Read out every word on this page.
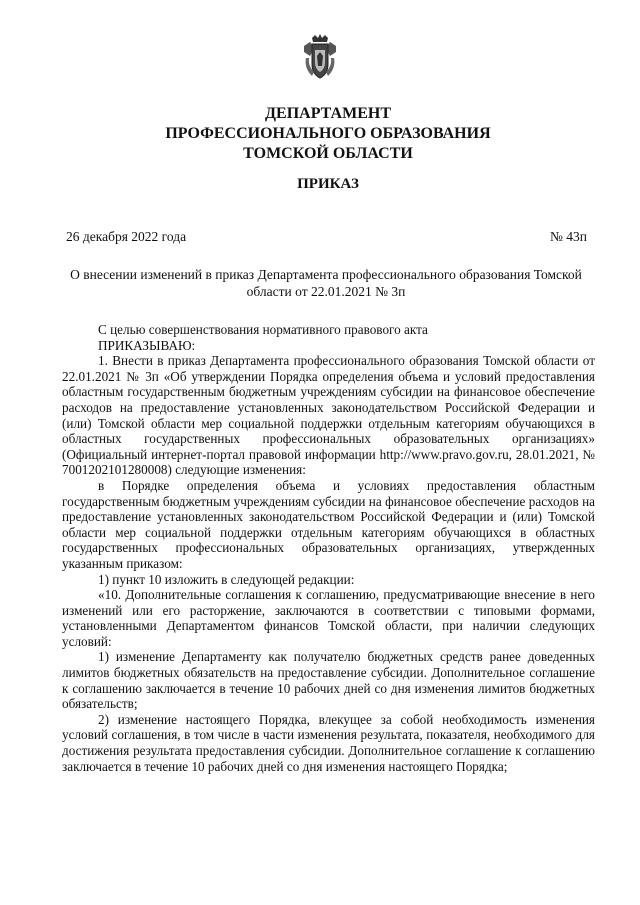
ДЕПАРТАМЕНТ
ПРОФЕССИОНАЛЬНОГО ОБРАЗОВАНИЯ
ТОМСКОЙ ОБЛАСТИ
ПРИКАЗ
26 декабря 2022 года	№ 43п
О внесении изменений в приказ Департамента профессионального образования Томской области от 22.01.2021 № 3п

С целью совершенствования нормативного правового акта

ПРИКАЗЫВАЮ:

1. Внести в приказ Департамента профессионального образования Томской области от 22.01.2021 № 3п «Об утверждении Порядка определения объема и условий предоставления областным государственным бюджетным учреждениям субсидии на финансовое обеспечение расходов на предоставление установленных законодательством Российской Федерации и (или) Томской области мер социальной поддержки отдельным категориям обучающихся в областных государственных профессиональных образовательных организациях» (Официальный интернет-портал правовой информации http://www.pravo.gov.ru, 28.01.2021, № 7001202101280008) следующие изменения:

в Порядке определения объема и условиях предоставления областным государственным бюджетным учреждениям субсидии на финансовое обеспечение расходов на предоставление установленных законодательством Российской Федерации и (или) Томской области мер социальной поддержки отдельным категориям обучающихся в областных государственных профессиональных образовательных организациях, утвержденных указанным приказом:

1) пункт 10 изложить в следующей редакции:

«10. Дополнительные соглашения к соглашению, предусматривающие внесение в него изменений или его расторжение, заключаются в соответствии с типовыми формами, установленными Департаментом финансов Томской области, при наличии следующих условий:

1) изменение Департаменту как получателю бюджетных средств ранее доведенных лимитов бюджетных обязательств на предоставление субсидии. Дополнительное соглашение к соглашению заключается в течение 10 рабочих дней со дня изменения лимитов бюджетных обязательств;

2) изменение настоящего Порядка, влекущее за собой необходимость изменения условий соглашения, в том числе в части изменения результата, показателя, необходимого для достижения результата предоставления субсидии. Дополнительное соглашение к соглашению заключается в течение 10 рабочих дней со дня изменения настоящего Порядка;
